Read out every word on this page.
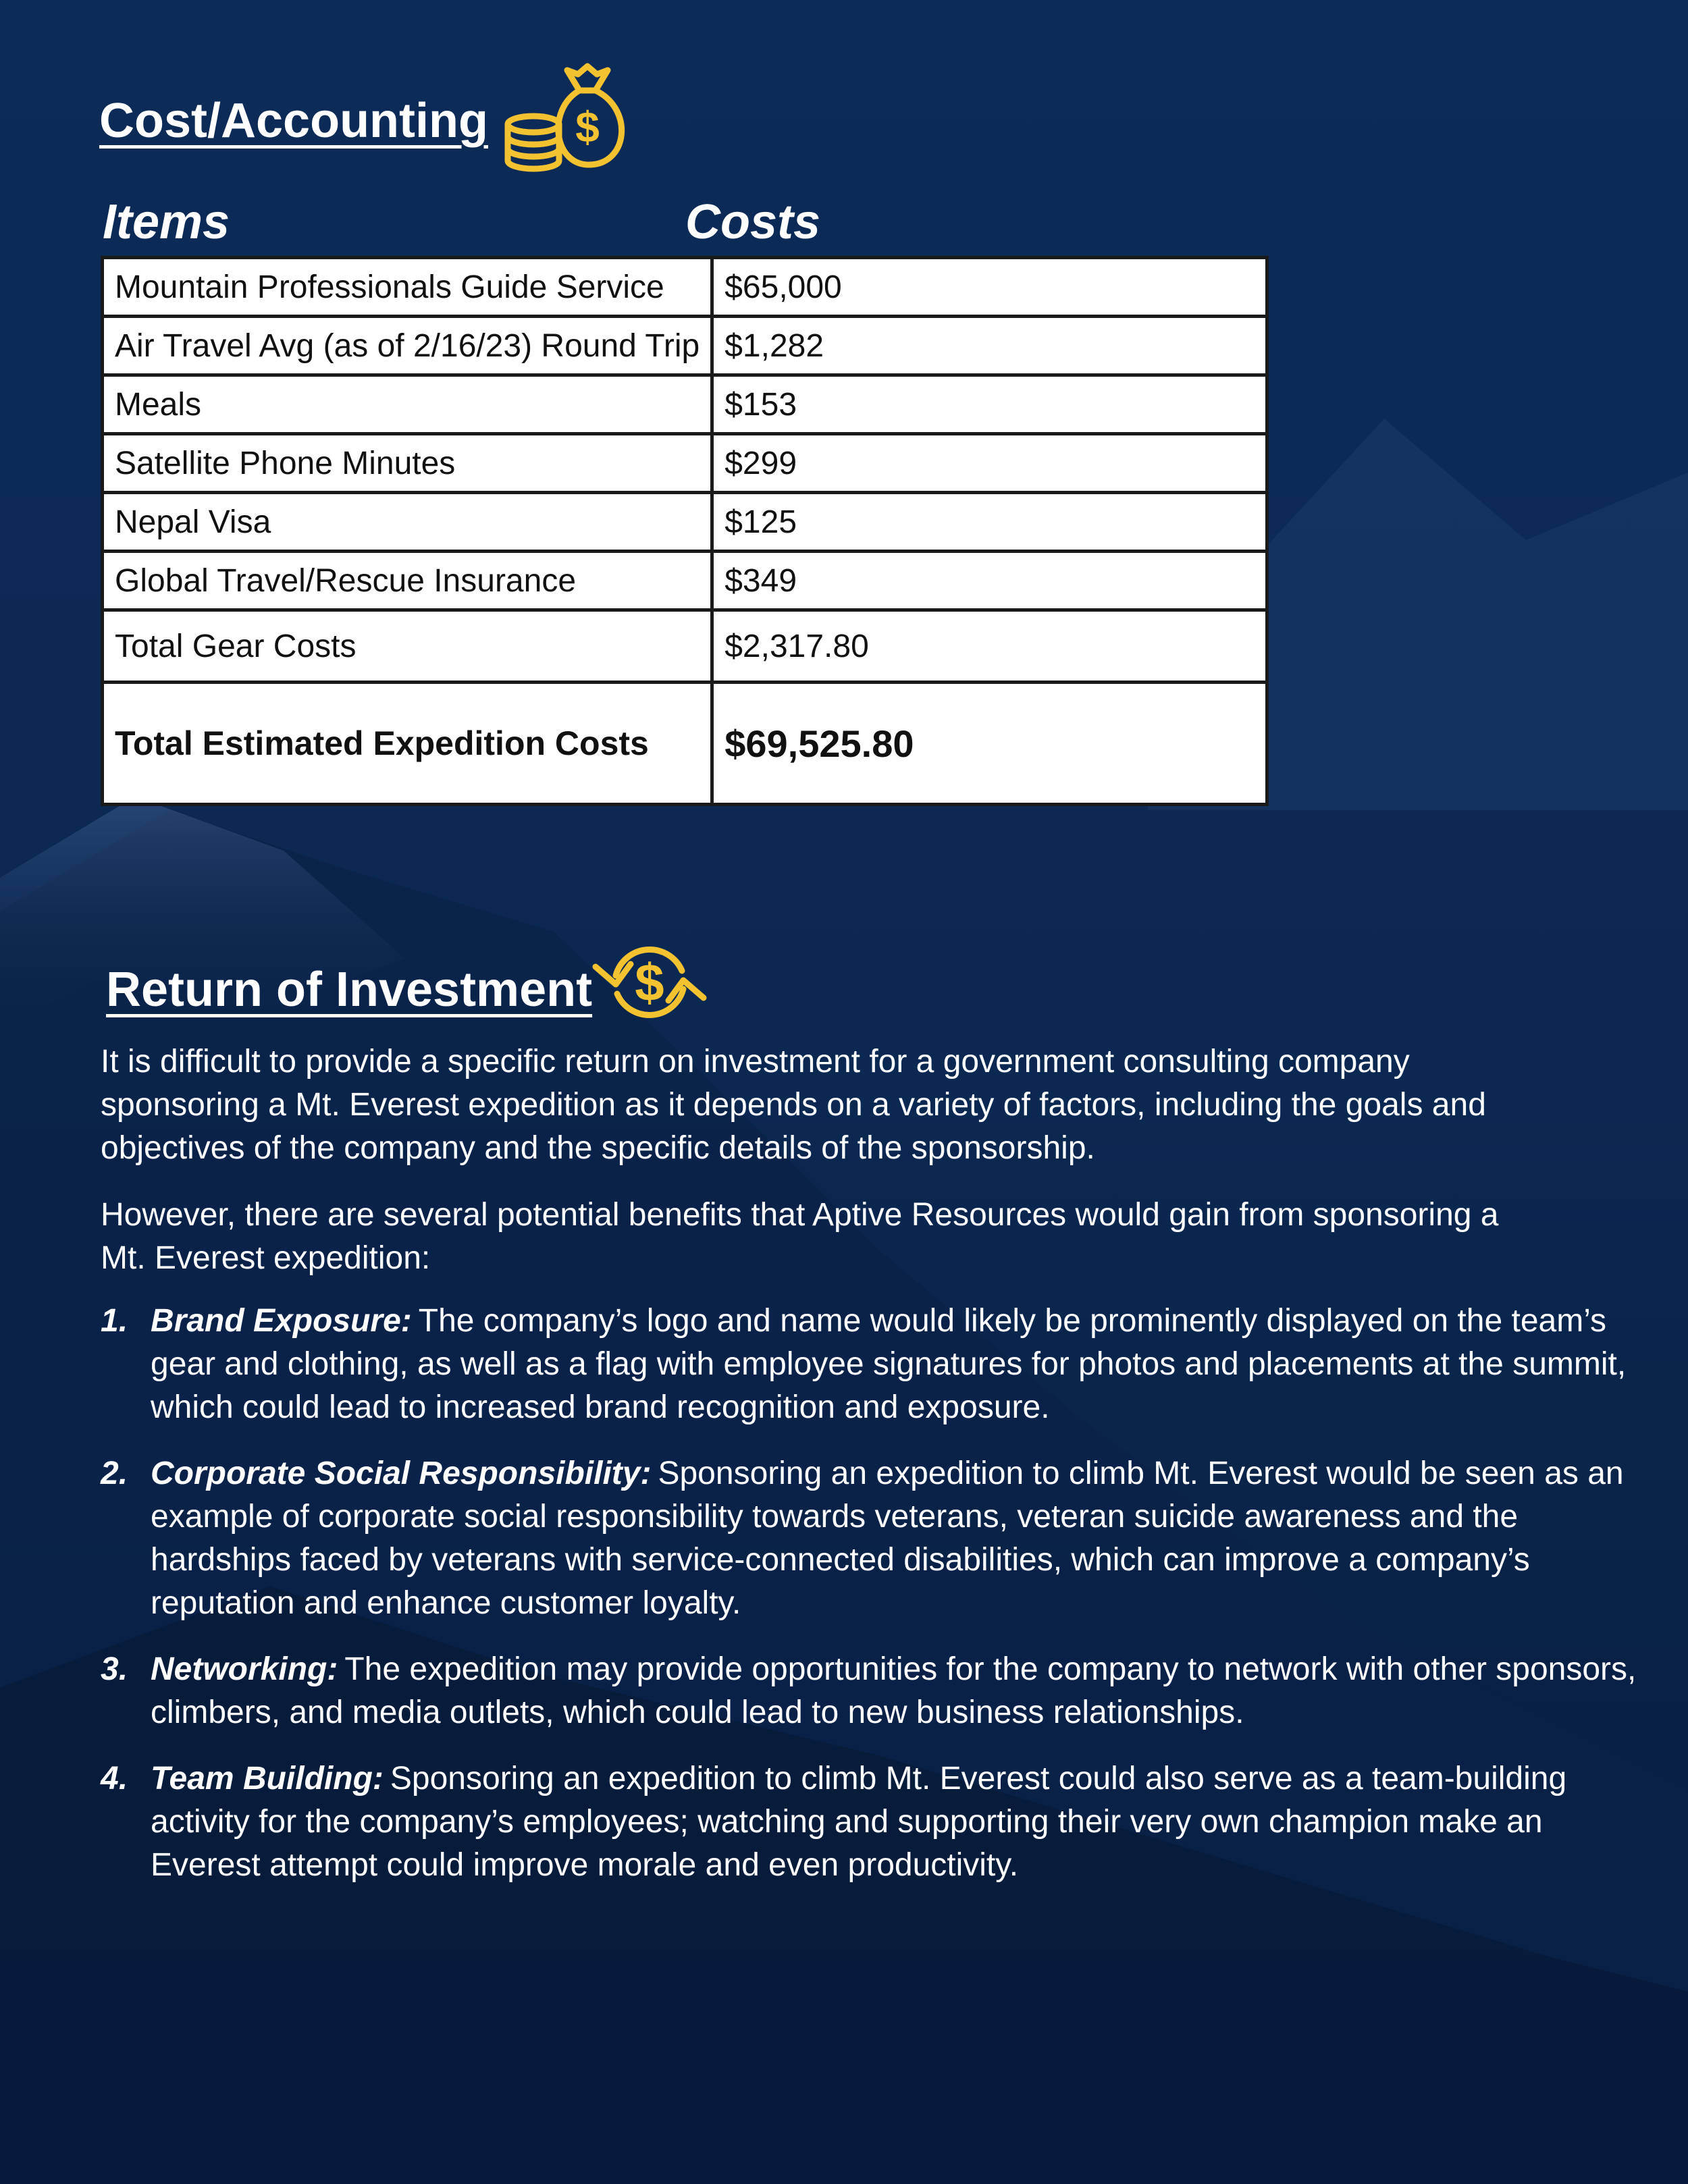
Cost/Accounting $
Items	Costs
Mountain Professionals Guide Service	$65,000
Air Travel Avg (as of 2/16/23) Round Trip	$1,282
Meals	$153
Satellite Phone Minutes	$299
Nepal Visa	$125
Global Travel/Rescue Insurance	$349
Total Gear Costs	$2,317.80
Total Estimated Expedition Costs	$69,525.80
Return of Investment $

It is difficult to provide a specific return on investment for a government consulting company sponsoring a Mt. Everest expedition as it depends on a variety of factors, including the goals and objectives of the company and the specific details of the sponsorship.

However, there are several potential benefits that Aptive Resources would gain from sponsoring a Mt. Everest expedition:

1. Brand Exposure: The company’s logo and name would likely be prominently displayed on the team’s gear and clothing, as well as a flag with employee signatures for photos and placements at the summit, which could lead to increased brand recognition and exposure.
2. Corporate Social Responsibility: Sponsoring an expedition to climb Mt. Everest would be seen as an example of corporate social responsibility towards veterans, veteran suicide awareness and the hardships faced by veterans with service-connected disabilities, which can improve a company’s reputation and enhance customer loyalty.
3. Networking: The expedition may provide opportunities for the company to network with other sponsors, climbers, and media outlets, which could lead to new business relationships.
4. Team Building: Sponsoring an expedition to climb Mt. Everest could also serve as a team-building activity for the company’s employees; watching and supporting their very own champion make an Everest attempt could improve morale and even productivity.
